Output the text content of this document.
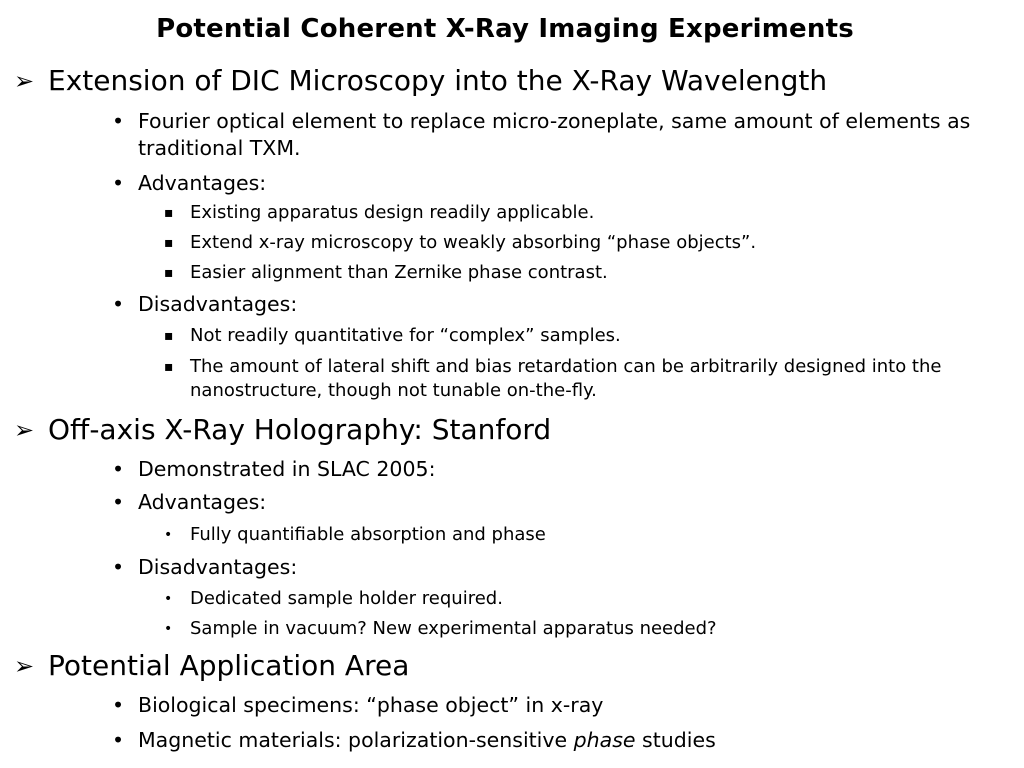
Potential Coherent X-Ray Imaging Experiments
➢ Extension of DIC Microscopy into the X-Ray Wavelength
• Fourier optical element to replace micro-zoneplate, same amount of elements as traditional TXM.
• Advantages:
▪ Existing apparatus design readily applicable.
▪ Extend x-ray microscopy to weakly absorbing “phase objects”.
▪ Easier alignment than Zernike phase contrast.
• Disadvantages:
▪ Not readily quantitative for “complex” samples.
▪ The amount of lateral shift and bias retardation can be arbitrarily designed into the nanostructure, though not tunable on-the-fly.
➢ Off-axis X-Ray Holography: Stanford
• Demonstrated in SLAC 2005:
• Advantages:
• Fully quantifiable absorption and phase
• Disadvantages:
• Dedicated sample holder required.
• Sample in vacuum? New experimental apparatus needed?
➢ Potential Application Area
• Biological specimens: “phase object” in x-ray
• Magnetic materials: polarization-sensitive phase studies
